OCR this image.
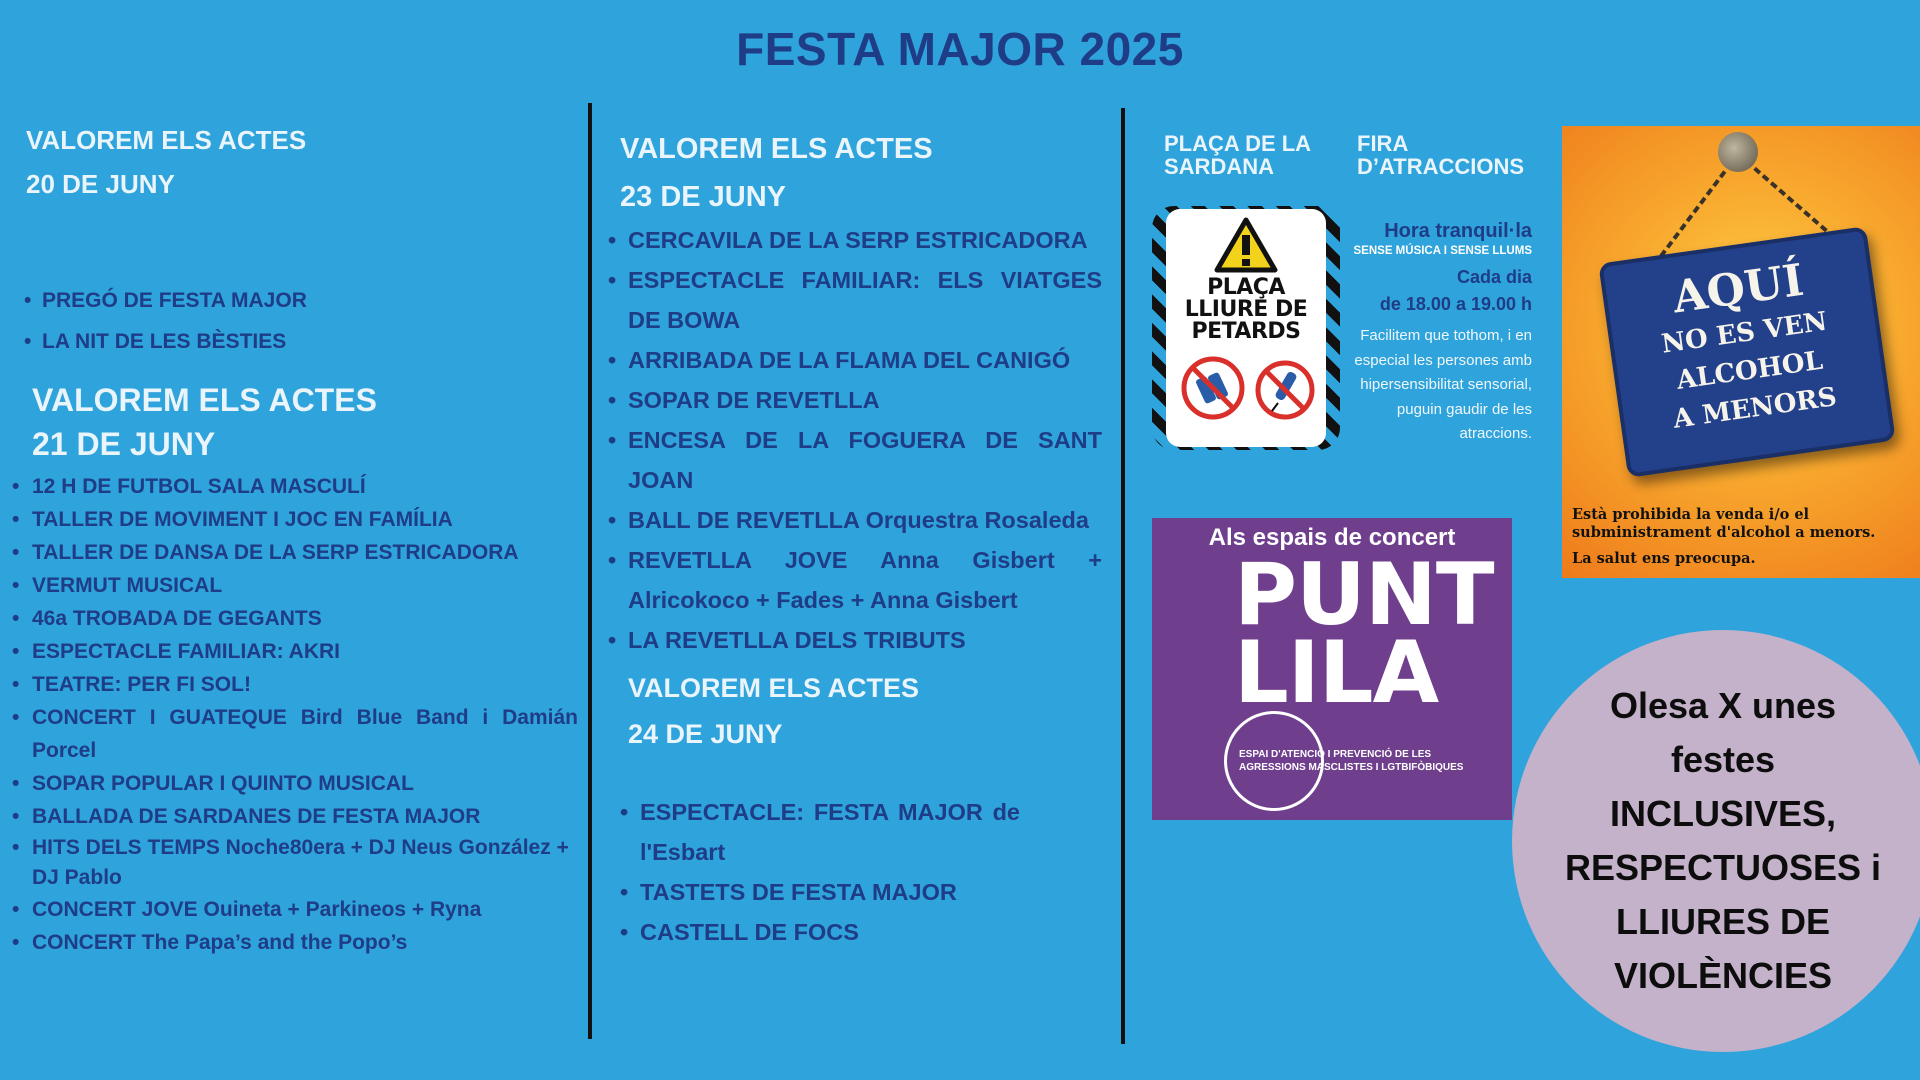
FESTA MAJOR 2025
VALOREM ELS ACTES
20 DE JUNY
• PREGÓ DE FESTA MAJOR
• LA NIT DE LES BÈSTIES
VALOREM ELS ACTES
21 DE JUNY
• 12 H DE FUTBOL SALA MASCULÍ
• TALLER DE MOVIMENT I JOC EN FAMÍLIA
• TALLER DE DANSA DE LA SERP ESTRICADORA
• VERMUT MUSICAL
• 46a TROBADA DE GEGANTS
• ESPECTACLE FAMILIAR: AKRI
• TEATRE: PER FI SOL!
• CONCERT I GUATEQUE Bird Blue Band i Damián Porcel
• SOPAR POPULAR I QUINTO MUSICAL
• BALLADA DE SARDANES DE FESTA MAJOR
• HITS DELS TEMPS Noche80era + DJ Neus González + DJ Pablo
• CONCERT JOVE Ouineta + Parkineos + Ryna
• CONCERT The Papa’s and the Popo’s
VALOREM ELS ACTES
23 DE JUNY
• CERCAVILA DE LA SERP ESTRICADORA
• ESPECTACLE FAMILIAR: ELS VIATGES DE BOWA
• ARRIBADA DE LA FLAMA DEL CANIGÓ
• SOPAR DE REVETLLA
• ENCESA DE LA FOGUERA DE SANT JOAN
• BALL DE REVETLLA Orquestra Rosaleda
• REVETLLA JOVE Anna Gisbert + Alricokoco + Fades + Anna Gisbert
• LA REVETLLA DELS TRIBUTS
VALOREM ELS ACTES
24 DE JUNY
• ESPECTACLE: FESTA MAJOR de l'Esbart
• TASTETS DE FESTA MAJOR
• CASTELL DE FOCS
PLAÇA DE LA SARDANA
FIRA D’ATRACCIONS
PLAÇA
LLIURE DE
PETARDS
Hora tranquil·la
SENSE MÚSICA I SENSE LLUMS
Cada dia
de 18.00 a 19.00 h
Facilitem que tothom, i en especial les persones amb hipersensibilitat sensorial, puguin gaudir de les atraccions.
Als espais de concert
PUNT
LILA
ESPAI D'ATENCIÓ I PREVENCIÓ DE LES AGRESSIONS MASCLISTES I LGTBIFÒBIQUES
AQUÍ
NO ES VEN
ALCOHOL
A MENORS
Està prohibida la venda i/o el subministrament d'alcohol a menors.
La salut ens preocupa.
Olesa X unes festes INCLUSIVES, RESPECTUOSES i LLIURES DE VIOLÈNCIES
